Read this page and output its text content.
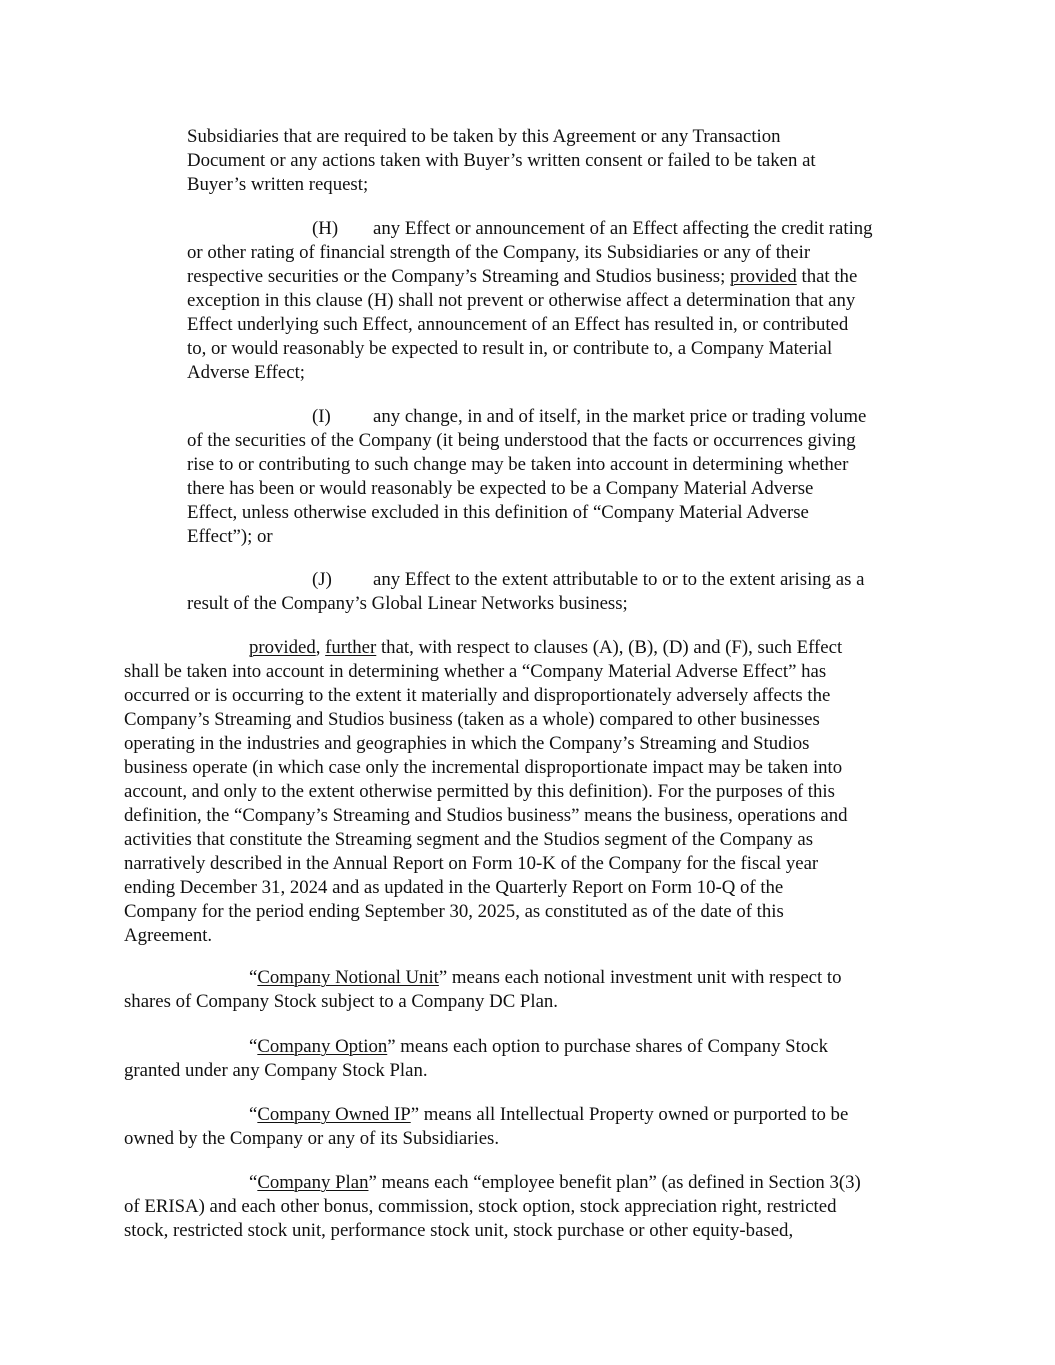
Subsidiaries that are required to be taken by this Agreement or any Transaction
Document or any actions taken with Buyer’s written consent or failed to be taken at
Buyer’s written request;
(H) any Effect or announcement of an Effect affecting the credit rating
or other rating of financial strength of the Company, its Subsidiaries or any of their
respective securities or the Company’s Streaming and Studios business; provided that the
exception in this clause (H) shall not prevent or otherwise affect a determination that any
Effect underlying such Effect, announcement of an Effect has resulted in, or contributed
to, or would reasonably be expected to result in, or contribute to, a Company Material
Adverse Effect;
(I) any change, in and of itself, in the market price or trading volume
of the securities of the Company (it being understood that the facts or occurrences giving
rise to or contributing to such change may be taken into account in determining whether
there has been or would reasonably be expected to be a Company Material Adverse
Effect, unless otherwise excluded in this definition of “Company Material Adverse
Effect”); or
(J) any Effect to the extent attributable to or to the extent arising as a
result of the Company’s Global Linear Networks business;
provided, further that, with respect to clauses (A), (B), (D) and (F), such Effect
shall be taken into account in determining whether a “Company Material Adverse Effect” has
occurred or is occurring to the extent it materially and disproportionately adversely affects the
Company’s Streaming and Studios business (taken as a whole) compared to other businesses
operating in the industries and geographies in which the Company’s Streaming and Studios
business operate (in which case only the incremental disproportionate impact may be taken into
account, and only to the extent otherwise permitted by this definition). For the purposes of this
definition, the “Company’s Streaming and Studios business” means the business, operations and
activities that constitute the Streaming segment and the Studios segment of the Company as
narratively described in the Annual Report on Form 10-K of the Company for the fiscal year
ending December 31, 2024 and as updated in the Quarterly Report on Form 10-Q of the
Company for the period ending September 30, 2025, as constituted as of the date of this
Agreement.
“Company Notional Unit” means each notional investment unit with respect to
shares of Company Stock subject to a Company DC Plan.
“Company Option” means each option to purchase shares of Company Stock
granted under any Company Stock Plan.
“Company Owned IP” means all Intellectual Property owned or purported to be
owned by the Company or any of its Subsidiaries.
“Company Plan” means each “employee benefit plan” (as defined in Section 3(3)
of ERISA) and each other bonus, commission, stock option, stock appreciation right, restricted
stock, restricted stock unit, performance stock unit, stock purchase or other equity-based,
